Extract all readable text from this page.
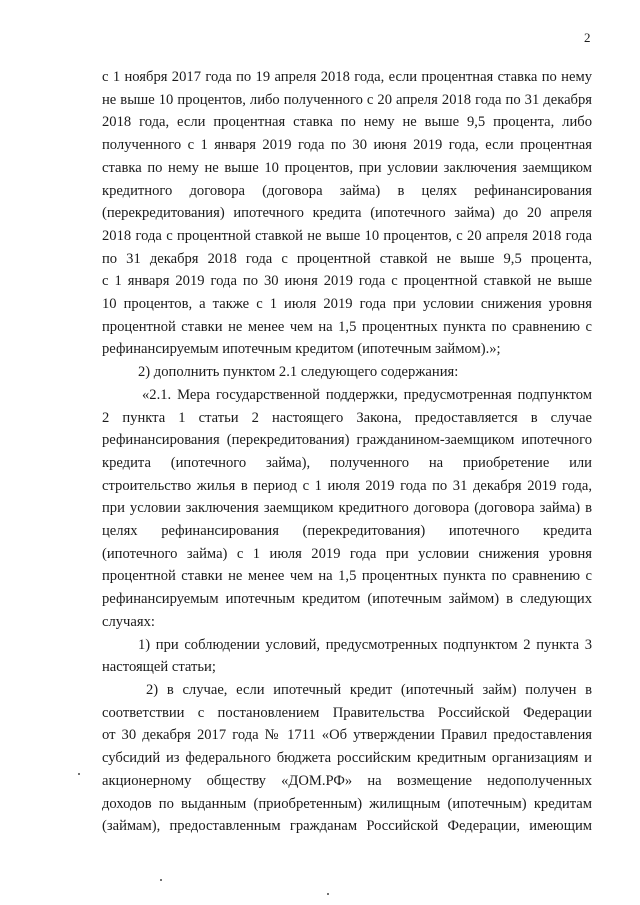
2

с 1 ноября 2017 года по 19 апреля 2018 года, если процентная ставка по нему

не выше 10 процентов, либо полученного с 20 апреля 2018 года по 31 декабря

2018 года, если процентная ставка по нему не выше 9,5 процента, либо

полученного с 1 января 2019 года по 30 июня 2019 года, если процентная

ставка по нему не выше 10 процентов, при условии заключения заемщиком

кредитного договора (договора займа) в целях рефинансирования

(перекредитования) ипотечного кредита (ипотечного займа) до 20 апреля

2018 года с процентной ставкой не выше 10 процентов, с 20 апреля 2018 года

по 31 декабря 2018 года с процентной ставкой не выше 9,5 процента,

с 1 января 2019 года по 30 июня 2019 года с процентной ставкой не выше

10 процентов, а также с 1 июля 2019 года при условии снижения уровня

процентной ставки не менее чем на 1,5 процентных пункта по сравнению с

рефинансируемым ипотечным кредитом (ипотечным займом).»;

2) дополнить пунктом 2.1 следующего содержания:

«2.1. Мера государственной поддержки, предусмотренная подпунктом

2 пункта 1 статьи 2 настоящего Закона, предоставляется в случае

рефинансирования (перекредитования) гражданином-заемщиком ипотечного

кредита (ипотечного займа), полученного на приобретение или

строительство жилья в период с 1 июля 2019 года по 31 декабря 2019 года,

при условии заключения заемщиком кредитного договора (договора займа) в

целях рефинансирования (перекредитования) ипотечного кредита

(ипотечного займа) с 1 июля 2019 года при условии снижения уровня

процентной ставки не менее чем на 1,5 процентных пункта по сравнению с

рефинансируемым ипотечным кредитом (ипотечным займом) в следующих

случаях:

1) при соблюдении условий, предусмотренных подпунктом 2 пункта 3

настоящей статьи;

2) в случае, если ипотечный кредит (ипотечный займ) получен в

соответствии с постановлением Правительства Российской Федерации

от 30 декабря 2017 года № 1711 «Об утверждении Правил предоставления

субсидий из федерального бюджета российским кредитным организациям и

акционерному обществу «ДОМ.РФ» на возмещение недополученных

доходов по выданным (приобретенным) жилищным (ипотечным) кредитам

(займам), предоставленным гражданам Российской Федерации, имеющим
